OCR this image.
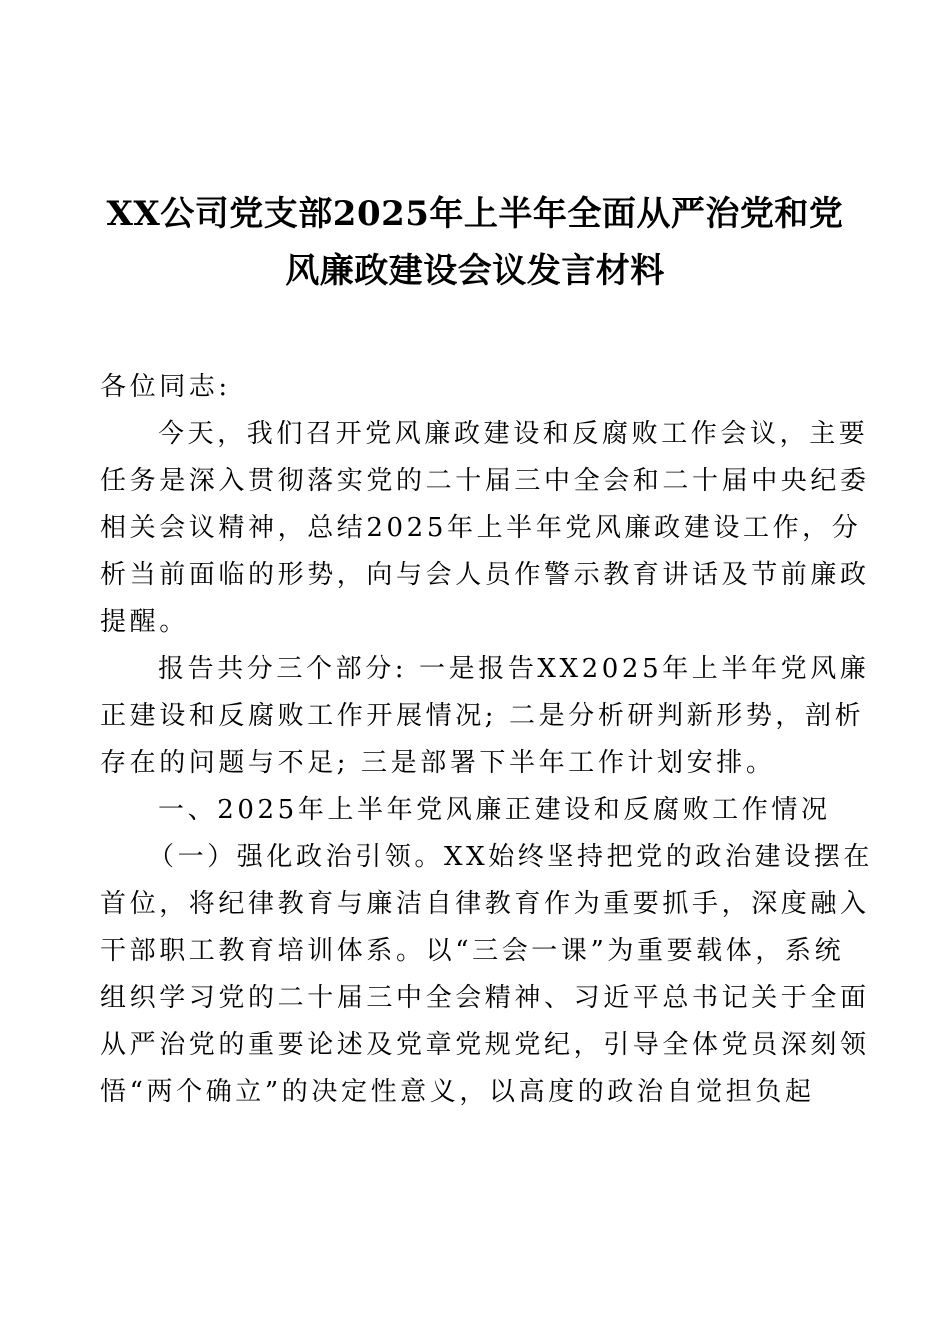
XX公司党支部2025年上半年全面从严治党和党
风廉政建设会议发言材料
各位同志:
今天，我们召开党风廉政建设和反腐败工作会议，主要
任务是深入贯彻落实党的二十届三中全会和二十届中央纪委
相关会议精神，总结2025年上半年党风廉政建设工作，分
析当前面临的形势，向与会人员作警示教育讲话及节前廉政
提醒。
报告共分三个部分: 一是报告XX2025年上半年党风廉
正建设和反腐败工作开展情况; 二是分析研判新形势，剖析
存在的问题与不足; 三是部署下半年工作计划安排。
一、2025年上半年党风廉正建设和反腐败工作情况
（一）强化政治引领。XX始终坚持把党的政治建设摆在
首位，将纪律教育与廉洁自律教育作为重要抓手，深度融入
干部职工教育培训体系。以“三会一课”为重要载体，系统
组织学习党的二十届三中全会精神、习近平总书记关于全面
从严治党的重要论述及党章党规党纪，引导全体党员深刻领
悟“两个确立”的决定性意义，以高度的政治自觉担负起
